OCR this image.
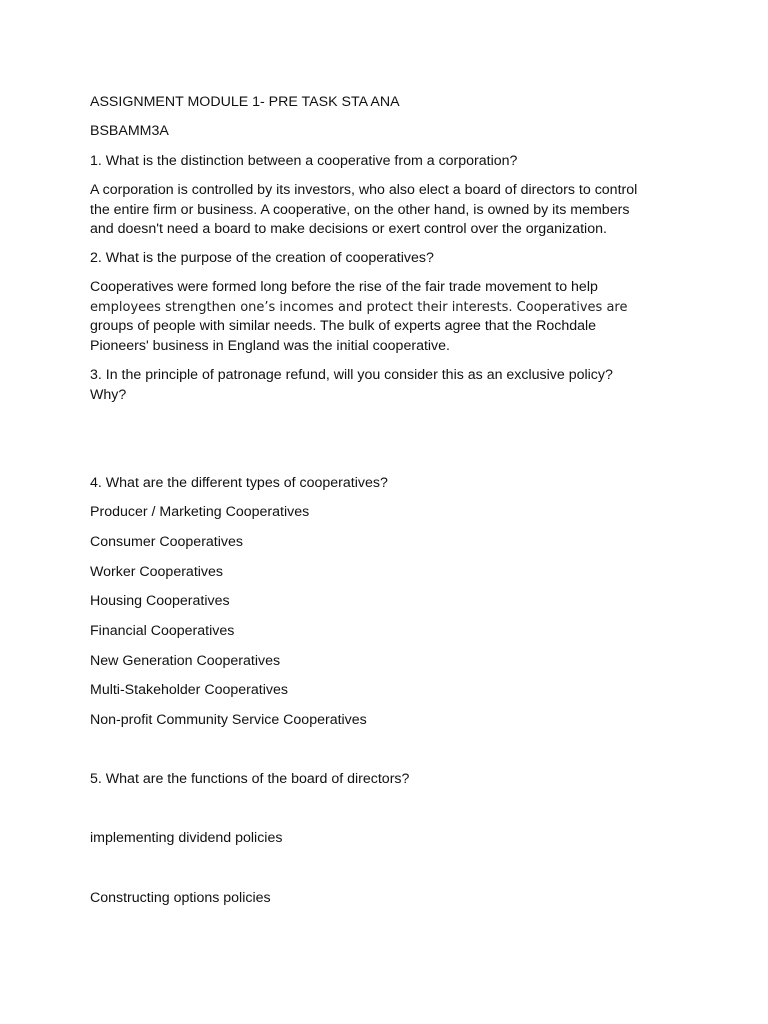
ASSIGNMENT MODULE 1- PRE TASK STA ANA
BSBAMM3A
1. What is the distinction between a cooperative from a corporation?
A corporation is controlled by its investors, who also elect a board of directors to control
the entire firm or business. A cooperative, on the other hand, is owned by its members
and doesn't need a board to make decisions or exert control over the organization.
2. What is the purpose of the creation of cooperatives?
Cooperatives were formed long before the rise of the fair trade movement to help
employees strengthen one’s incomes and protect their interests. Cooperatives are
groups of people with similar needs. The bulk of experts agree that the Rochdale
Pioneers' business in England was the initial cooperative.
3. In the principle of patronage refund, will you consider this as an exclusive policy?
Why?
4. What are the different types of cooperatives?
Producer / Marketing Cooperatives
Consumer Cooperatives
Worker Cooperatives
Housing Cooperatives
Financial Cooperatives
New Generation Cooperatives
Multi-Stakeholder Cooperatives
Non-profit Community Service Cooperatives
5. What are the functions of the board of directors?
implementing dividend policies
Constructing options policies
